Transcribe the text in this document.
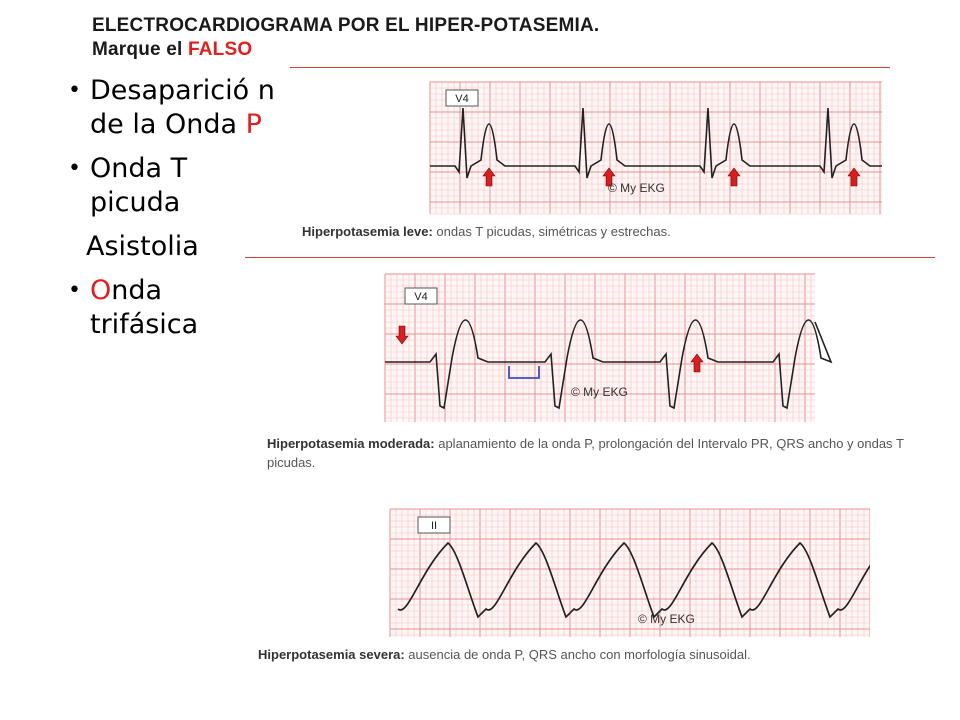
ELECTROCARDIOGRAMA POR EL HIPER-POTASEMIA.
Marque el FALSO
• Desaparició n de la Onda P
• Onda T picuda
Asistolia
• Onda trifásica
V4
© My EKG
Hiperpotasemia leve: ondas T picudas, simétricas y estrechas.
V4
© My EKG
Hiperpotasemia moderada: aplanamiento de la onda P, prolongación del Intervalo PR, QRS ancho y ondas T picudas.
II
© My EKG
Hiperpotasemia severa: ausencia de onda P, QRS ancho con morfología sinusoidal.
